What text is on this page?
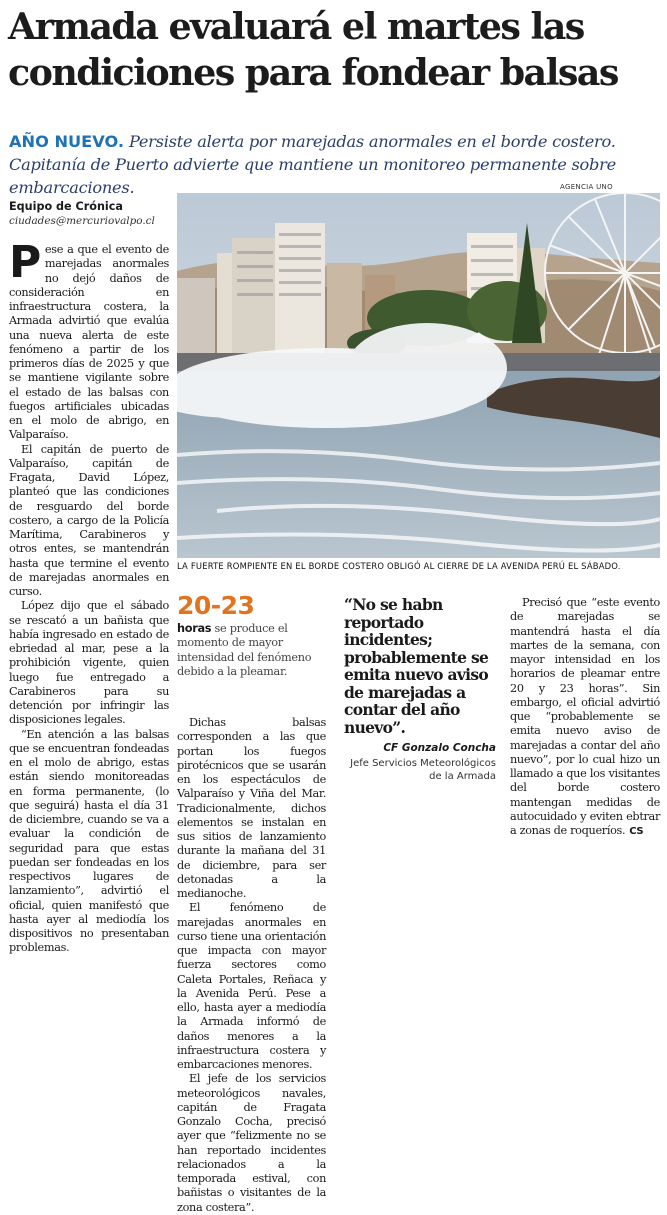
Armada evaluará el martes las
condiciones para fondear balsas
AÑO NUEVO. Persiste alerta por marejadas anormales en el borde costero. Capitanía de Puerto advierte que mantiene un monitoreo permanente sobre embarcaciones.
Equipo de Crónica
ciudades@mercuriovalpo.cl

Pese a que el evento de marejadas anormales no dejó daños de consideración en infraestructura costera, la Armada advirtió que evalúa una nueva alerta de este fenómeno a partir de los primeros días de 2025 y que se mantiene vigilante sobre el estado de las balsas con fuegos artificiales ubicadas en el molo de abrigo, en Valparaíso.

El capitán de puerto de Valparaíso, capitán de Fragata, David López, planteó que las condiciones de resguardo del borde costero, a cargo de la Policía Marítima, Carabineros y otros entes, se mantendrán hasta que termine el evento de marejadas anormales en curso.

López dijo que el sábado se rescató a un bañista que había ingresado en estado de ebriedad al mar, pese a la prohibición vigente, quien luego fue entregado a Carabineros para su detención por infringir las disposiciones legales.

“En atención a las balsas que se encuentran fondeadas en el molo de abrigo, estas están siendo monitoreadas en forma permanente, (lo que seguirá) hasta el día 31 de diciembre, cuando se va a evaluar la condición de seguridad para que estas puedan ser fondeadas en los respectivos lugares de lanzamiento”, advirtió el oficial, quien manifestó que hasta ayer al mediodía los dispositivos no presentaban problemas.

AGENCIA UNO
LA FUERTE ROMPIENTE EN EL BORDE COSTERO OBLIGÓ AL CIERRE DE LA AVENIDA PERÚ EL SÁBADO.
20-23
horas se produce el momento de mayor intensidad del fenómeno debido a la pleamar.

Dichas balsas corresponden a las que portan los fuegos pirotécnicos que se usarán en los espectáculos de Valparaíso y Viña del Mar. Tradicionalmente, dichos elementos se instalan en sus sitios de lanzamiento durante la mañana del 31 de diciembre, para ser detonadas a la medianoche.

El fenómeno de marejadas anormales en curso tiene una orientación que impacta con mayor fuerza sectores como Caleta Portales, Reñaca y la Avenida Perú. Pese a ello, hasta ayer a mediodía la Armada informó de daños menores a la infraestructura costera y embarcaciones menores.

El jefe de los servicios meteorológicos navales, capitán de Fragata Gonzalo Cocha, precisó ayer que “felizmente no se han reportado incidentes relacionados a la temporada estival, con bañistas o visitantes de la zona costera”.

“No se habn reportado incidentes; probablemente se emita nuevo aviso de marejadas a contar del año nuevo”.
CF Gonzalo Concha
Jefe Servicios Meteorológicos de la Armada

Precisó que “este evento de marejadas se mantendrá hasta el día martes de la semana, con mayor intensidad en los horarios de pleamar entre 20 y 23 horas”. Sin embargo, el oficial advirtió que “probablemente se emita nuevo aviso de marejadas a contar del año nuevo”, por lo cual hizo un llamado a que los visitantes del borde costero mantengan medidas de autocuidado y eviten ebtrar a zonas de roqueríos. CS
